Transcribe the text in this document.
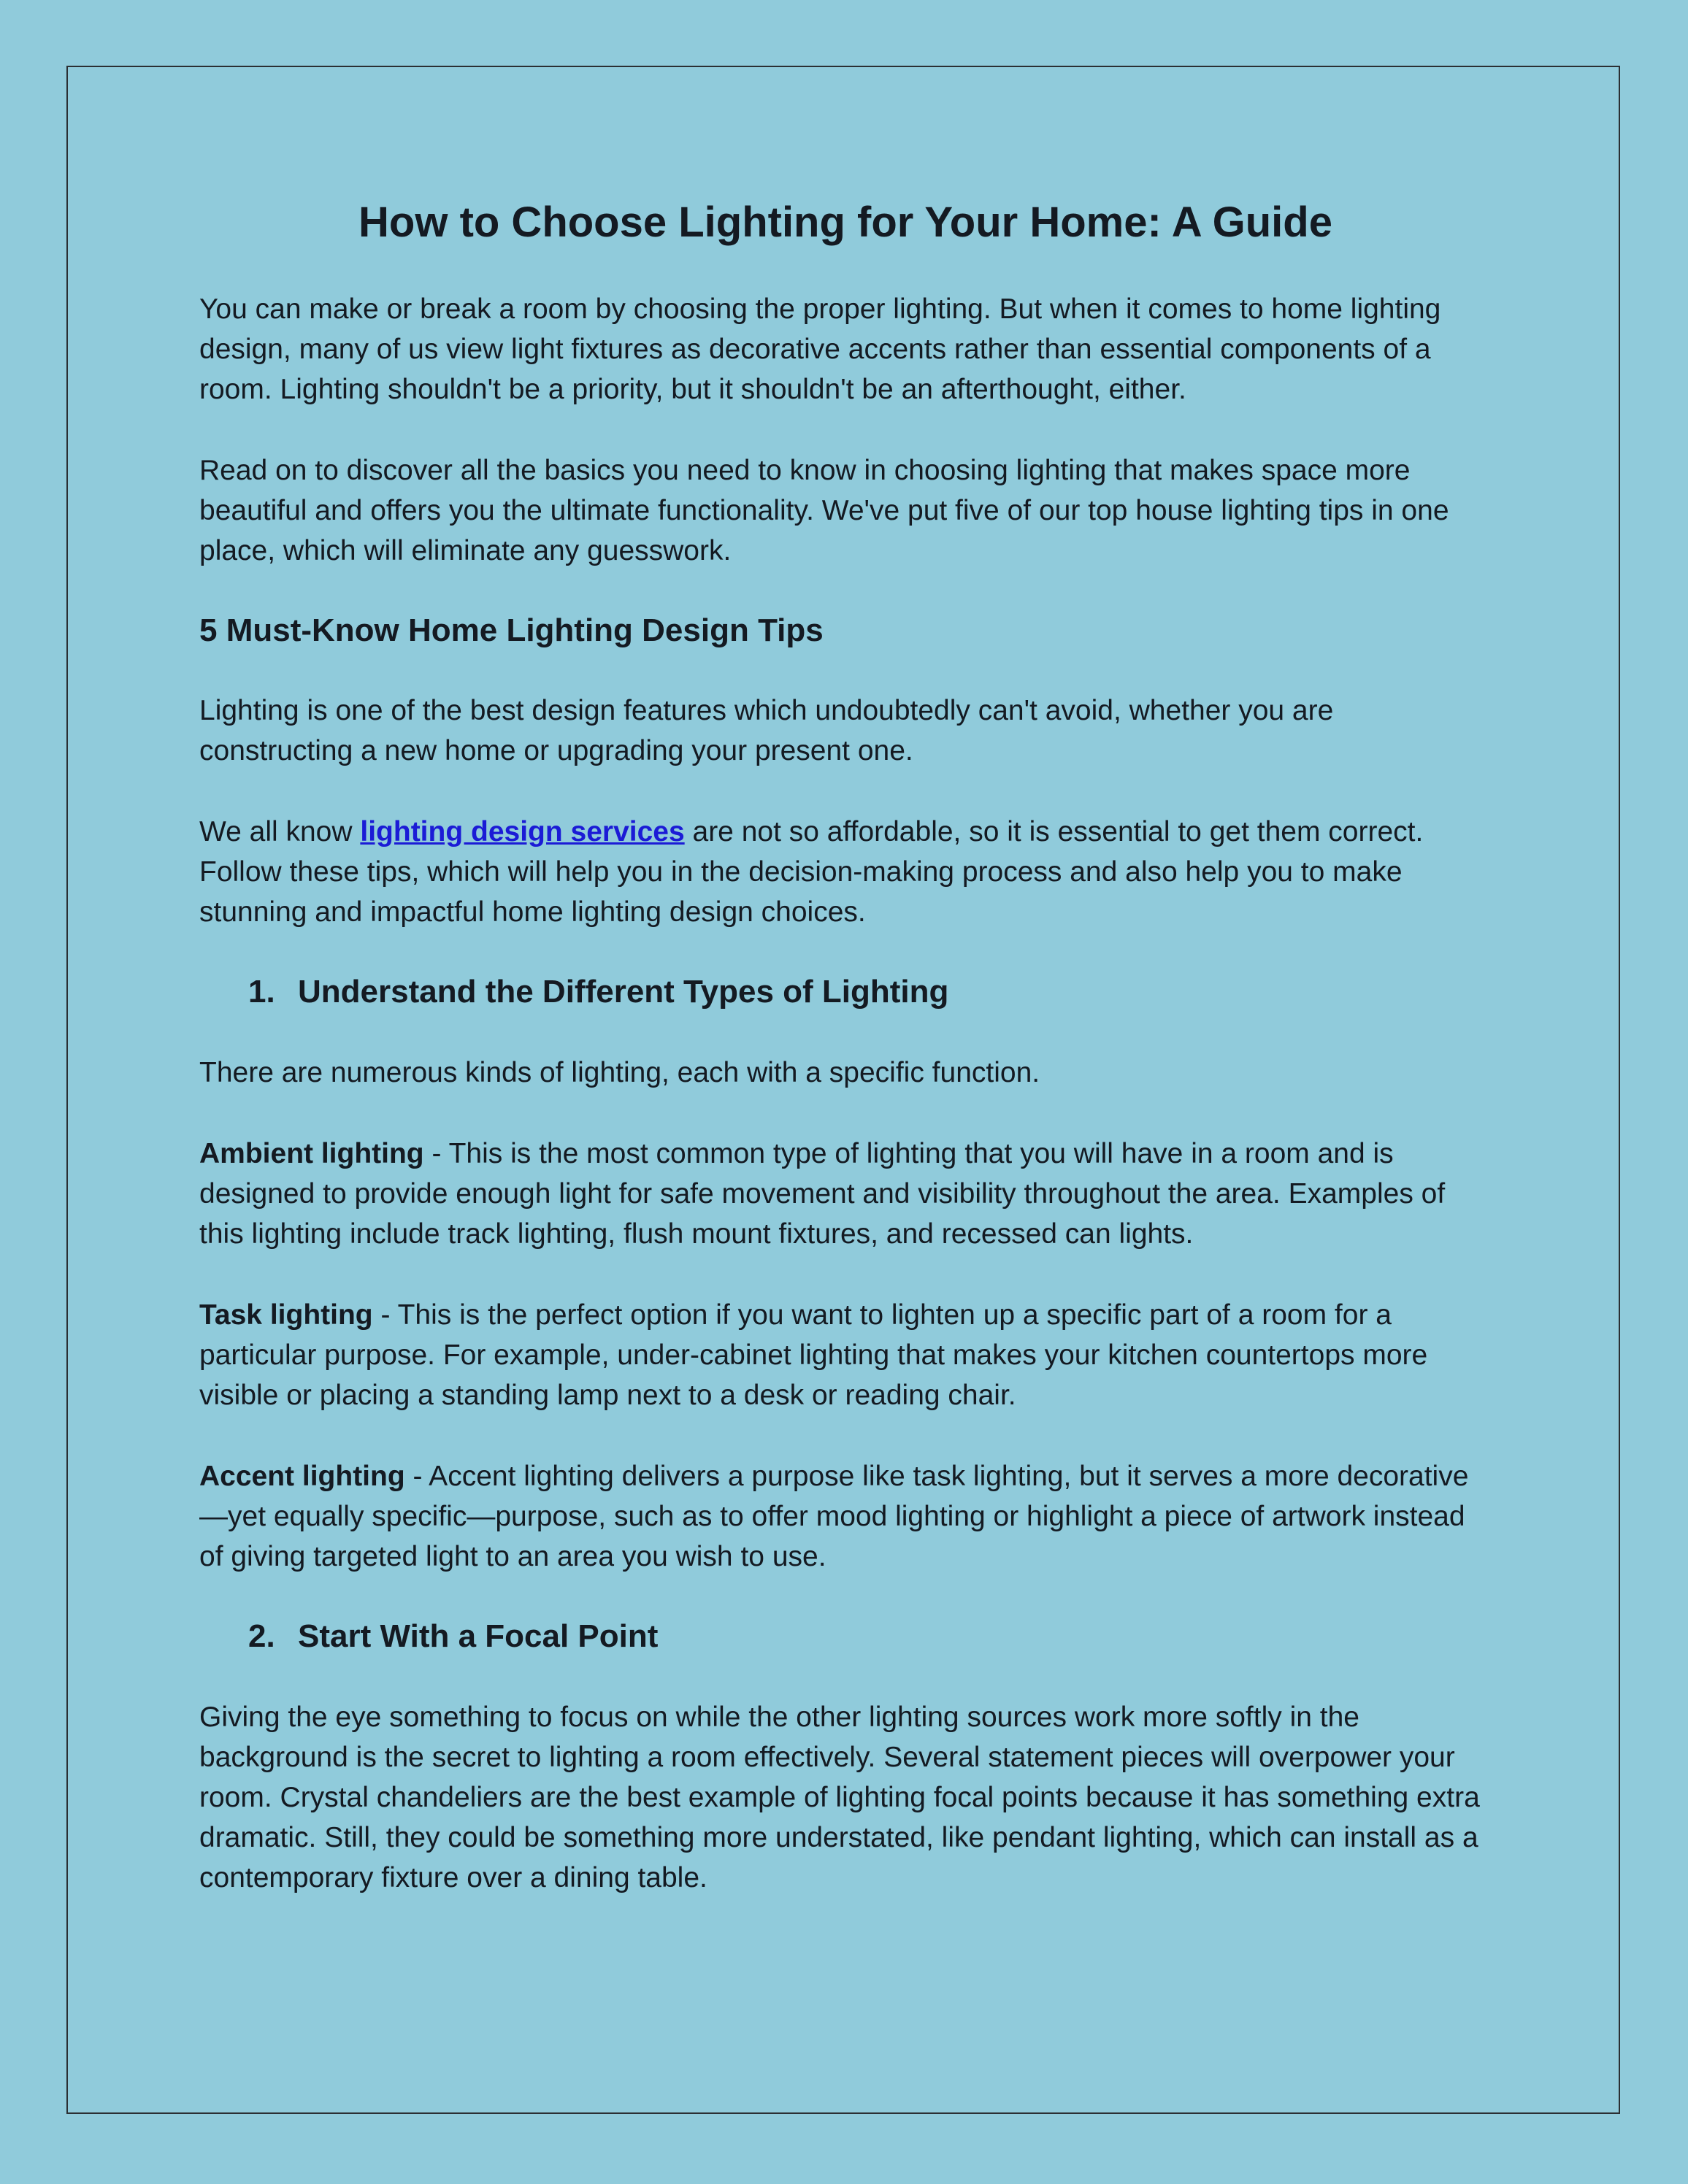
How to Choose Lighting for Your Home: A Guide

You can make or break a room by choosing the proper lighting. But when it comes to home lighting design, many of us view light fixtures as decorative accents rather than essential components of a room. Lighting shouldn't be a priority, but it shouldn't be an afterthought, either.

Read on to discover all the basics you need to know in choosing lighting that makes space more beautiful and offers you the ultimate functionality. We've put five of our top house lighting tips in one place, which will eliminate any guesswork.

5 Must-Know Home Lighting Design Tips

Lighting is one of the best design features which undoubtedly can't avoid, whether you are constructing a new home or upgrading your present one.

We all know lighting design services are not so affordable, so it is essential to get them correct. Follow these tips, which will help you in the decision-making process and also help you to make stunning and impactful home lighting design choices.

1. Understand the Different Types of Lighting

There are numerous kinds of lighting, each with a specific function.

Ambient lighting - This is the most common type of lighting that you will have in a room and is designed to provide enough light for safe movement and visibility throughout the area. Examples of this lighting include track lighting, flush mount fixtures, and recessed can lights.

Task lighting - This is the perfect option if you want to lighten up a specific part of a room for a particular purpose. For example, under-cabinet lighting that makes your kitchen countertops more visible or placing a standing lamp next to a desk or reading chair.

Accent lighting - Accent lighting delivers a purpose like task lighting, but it serves a more decorative—yet equally specific—purpose, such as to offer mood lighting or highlight a piece of artwork instead of giving targeted light to an area you wish to use.

2. Start With a Focal Point

Giving the eye something to focus on while the other lighting sources work more softly in the background is the secret to lighting a room effectively. Several statement pieces will overpower your room. Crystal chandeliers are the best example of lighting focal points because it has something extra dramatic. Still, they could be something more understated, like pendant lighting, which can install as a contemporary fixture over a dining table.
